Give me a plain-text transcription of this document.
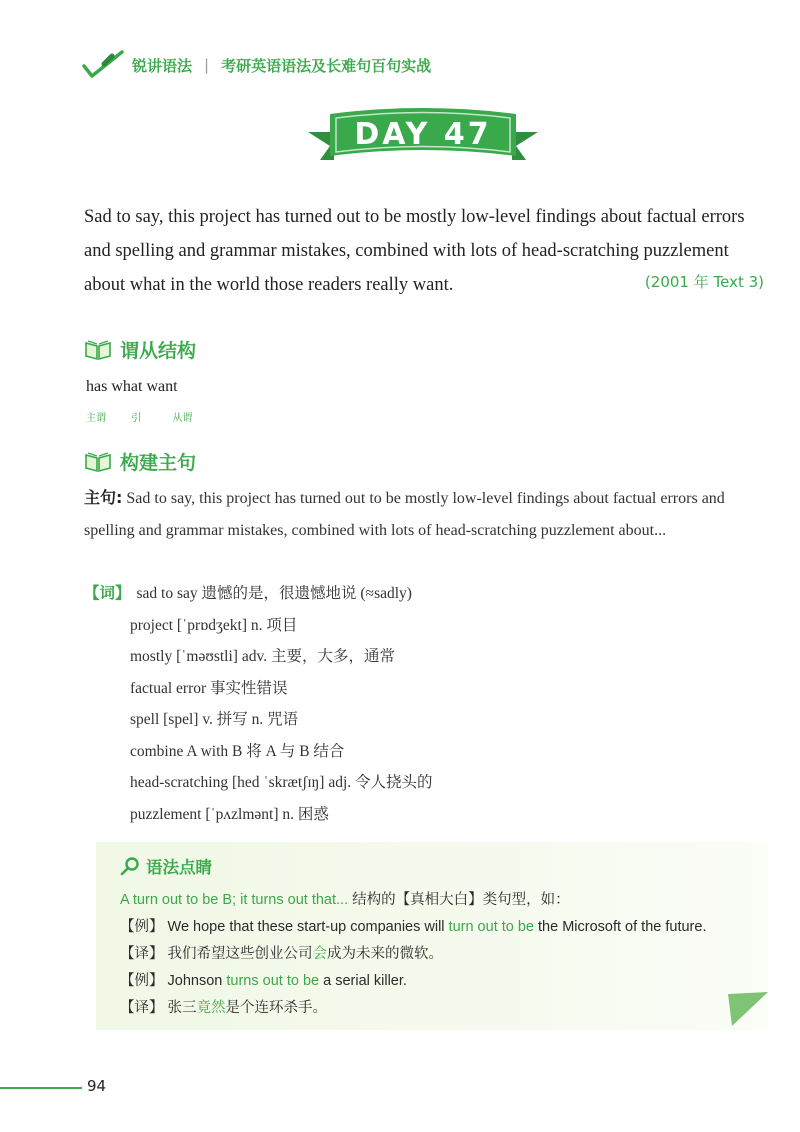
锐讲语法 | 考研英语语法及长难句百句实战
DAY 47
Sad to say, this project has turned out to be mostly low-level findings about factual errors and spelling and grammar mistakes, combined with lots of head-scratching puzzlement about what in the world those readers really want.	(2001 年 Text 3)
谓从结构
has what want
主谓	引	从谓
构建主句
主句: Sad to say, this project has turned out to be mostly low-level findings about factual errors and spelling and grammar mistakes, combined with lots of head-scratching puzzlement about...
【词】 sad to say 遗憾的是，很遗憾地说 (≈sadly)
project [ˈprɒdʒekt] n. 项目
mostly [ˈməʊstli] adv. 主要，大多，通常
factual error 事实性错误
spell [spel] v. 拼写 n. 咒语
combine A with B 将 A 与 B 结合
head-scratching [hed ˈskrætʃɪŋ] adj. 令人挠头的
puzzlement [ˈpʌzlmənt] n. 困惑
语法点睛
A turn out to be B; it turns out that... 结构的【真相大白】类句型，如：
【例】 We hope that these start-up companies will turn out to be the Microsoft of the future.
【译】 我们希望这些创业公司会成为未来的微软。
【例】 Johnson turns out to be a serial killer.
【译】 张三竟然是个连环杀手。
94
